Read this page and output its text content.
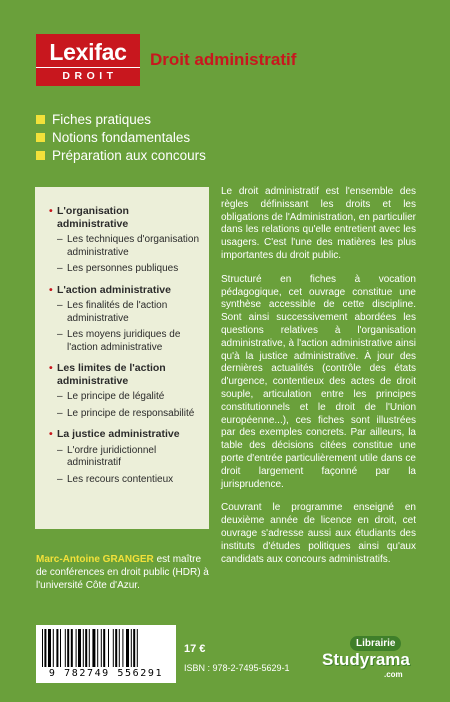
Lexifac
DROIT
Droit administratif
Fiches pratiques
Notions fondamentales
Préparation aux concours
• L'organisation administrative
– Les techniques d'organisation administrative
– Les personnes publiques
• L'action administrative
– Les finalités de l'action administrative
– Les moyens juridiques de l'action administrative
• Les limites de l'action administrative
– Le principe de légalité
– Le principe de responsabilité
• La justice administrative
– L'ordre juridictionnel administratif
– Les recours contentieux

Le droit administratif est l'ensemble des règles définissant les droits et les obligations de l'Administration, en particulier dans les relations qu'elle entretient avec les usagers. C'est l'une des matières les plus importantes du droit public.

Structuré en fiches à vocation pédagogique, cet ouvrage constitue une synthèse accessible de cette discipline. Sont ainsi successivement abordées les questions relatives à l'organisation administrative, à l'action administrative ainsi qu'à la justice administrative. À jour des dernières actualités (contrôle des états d'urgence, contentieux des actes de droit souple, articulation entre les principes constitutionnels et le droit de l'Union européenne...), ces fiches sont illustrées par des exemples concrets. Par ailleurs, la table des décisions citées constitue une porte d'entrée particulièrement utile dans ce droit largement façonné par la jurisprudence.

Couvrant le programme enseigné en deuxième année de licence en droit, cet ouvrage s'adresse aussi aux étudiants des instituts d'études politiques ainsi qu'aux candidats aux concours administratifs.

Marc-Antoine GRANGER est maître de conférences en droit public (HDR) à l'université Côte d'Azur.
9 782749 556291
17 €
ISBN : 978-2-7495-5629-1
Librairie
Studyrama
.com
